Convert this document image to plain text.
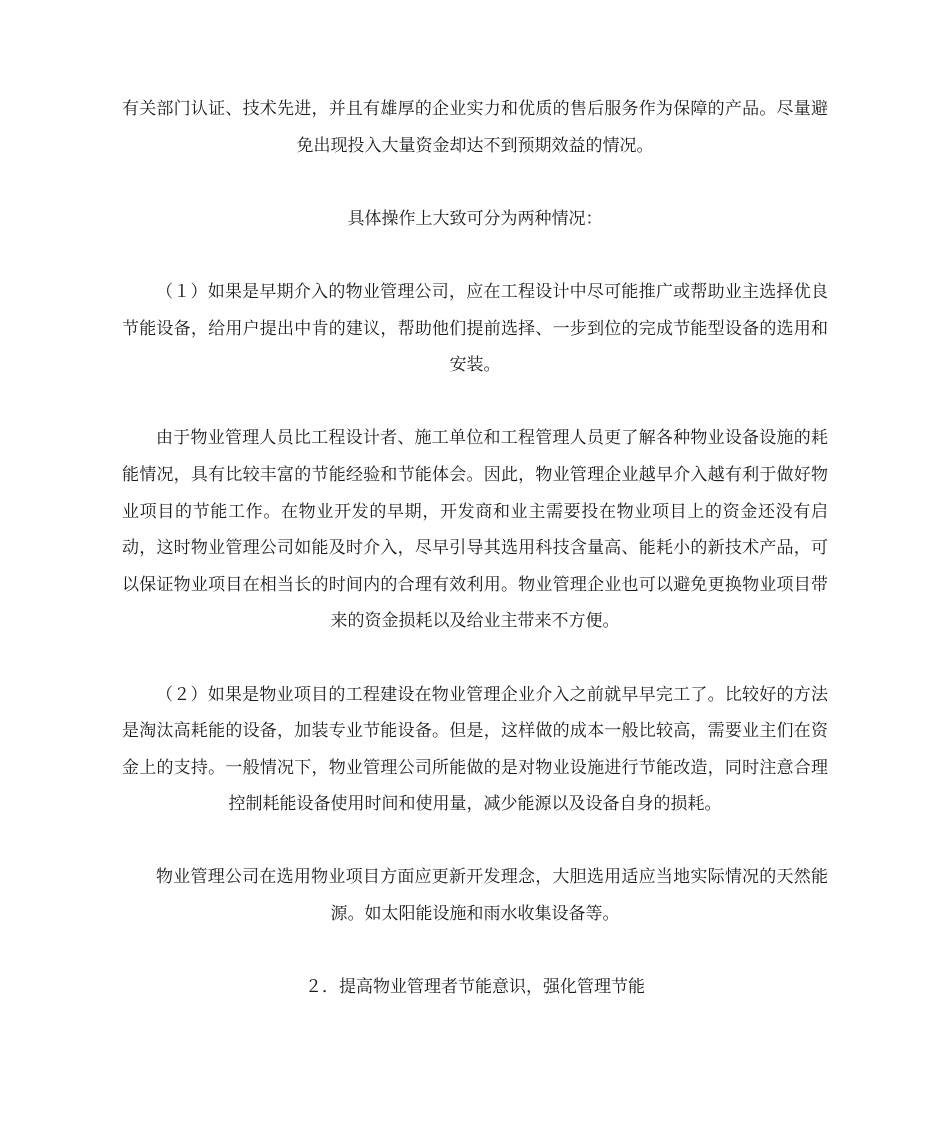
有关部门认证、技术先进，并且有雄厚的企业实力和优质的售后服务作为保障的产品。尽量避免出现投入大量资金却达不到预期效益的情况。

具体操作上大致可分为两种情况：

（１）如果是早期介入的物业管理公司，应在工程设计中尽可能推广或帮助业主选择优良节能设备，给用户提出中肯的建议，帮助他们提前选择、一步到位的完成节能型设备的选用和安装。

由于物业管理人员比工程设计者、施工单位和工程管理人员更了解各种物业设备设施的耗能情况，具有比较丰富的节能经验和节能体会。因此，物业管理企业越早介入越有利于做好物业项目的节能工作。在物业开发的早期，开发商和业主需要投在物业项目上的资金还没有启动，这时物业管理公司如能及时介入，尽早引导其选用科技含量高、能耗小的新技术产品，可以保证物业项目在相当长的时间内的合理有效利用。物业管理企业也可以避免更换物业项目带来的资金损耗以及给业主带来不方便。

（２）如果是物业项目的工程建设在物业管理企业介入之前就早早完工了。比较好的方法是淘汰高耗能的设备，加装专业节能设备。但是，这样做的成本一般比较高，需要业主们在资金上的支持。一般情况下，物业管理公司所能做的是对物业设施进行节能改造，同时注意合理控制耗能设备使用时间和使用量，减少能源以及设备自身的损耗。

物业管理公司在选用物业项目方面应更新开发理念，大胆选用适应当地实际情况的天然能源。如太阳能设施和雨水收集设备等。

２．提高物业管理者节能意识，强化管理节能
